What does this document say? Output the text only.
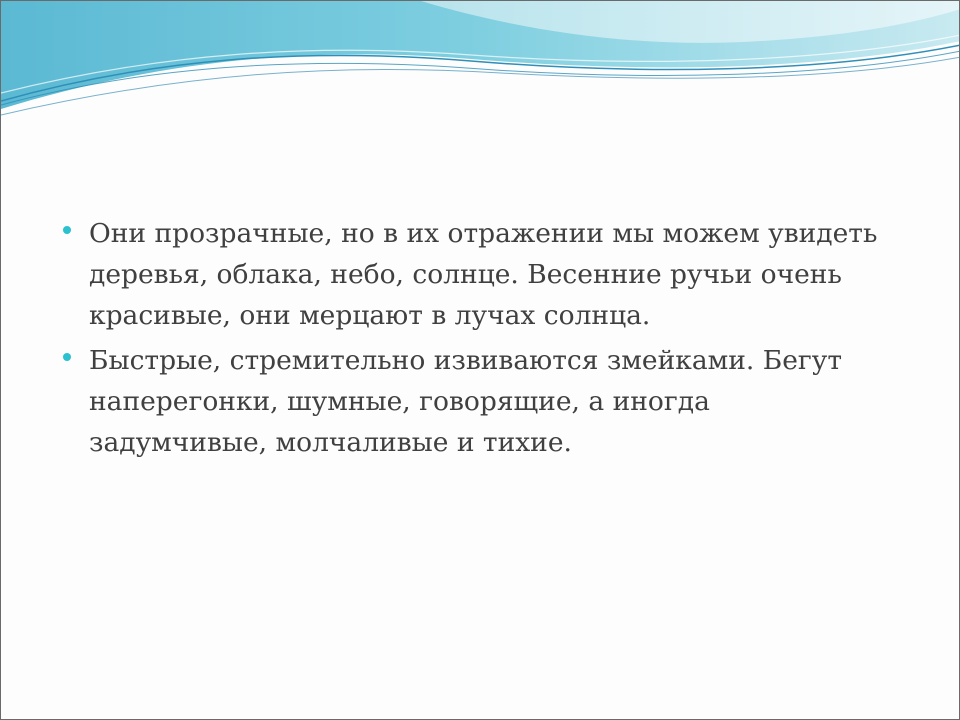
Они прозрачные, но в их отражении мы можем увидеть деревья, облака, небо, солнце. Весенние ручьи очень красивые, они мерцают в лучах солнца.
Быстрые, стремительно извиваются змейками. Бегут наперегонки, шумные, говорящие, а иногда задумчивые, молчаливые и тихие.
